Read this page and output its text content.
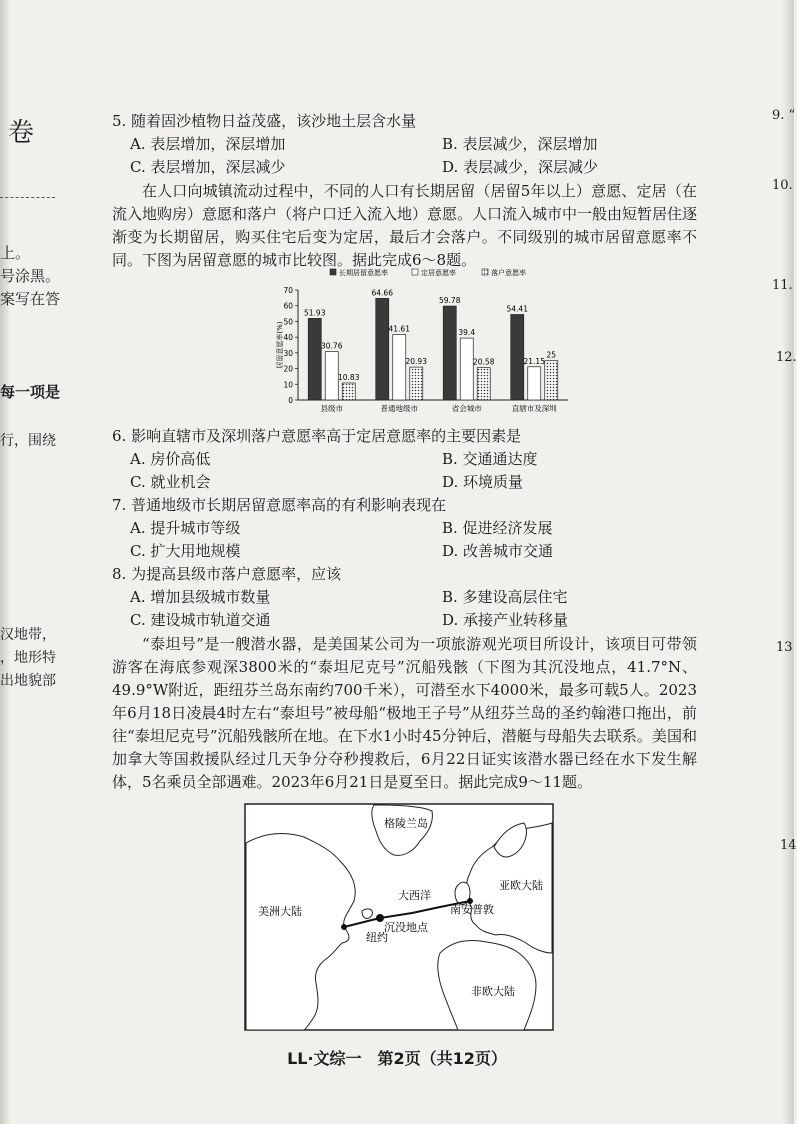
卷
上。
号涂黑。
案写在答
每一项是
行，围绕
汉地带，
，地形特
出地貌部
9. “
10.
11.
12.
13
14
5. 随着固沙植物日益茂盛，该沙地土层含水量
A. 表层增加，深层增加	B. 表层减少，深层增加
C. 表层增加，深层减少	D. 表层减少，深层减少

在人口向城镇流动过程中，不同的人口有长期居留（居留5年以上）意愿、定居（在流入地购房）意愿和落户（将户口迁入流入地）意愿。人口流入城市中一般由短暂居住逐渐变为长期留居，购买住宅后变为定居，最后才会落户。不同级别的城市居留意愿率不同。下图为居留意愿的城市比较图。据此完成6～8题。

长期居留意愿率	定居意愿率	落户意愿率
0
10
20
30
40
50
60
70
居留意愿率(%)
51.93
30.76
10.83
县级市
64.66
41.61
20.93
普通地级市
59.78
39.4
20.58
省会城市
54.41
21.15
25
直辖市及深圳
6. 影响直辖市及深圳落户意愿率高于定居意愿率的主要因素是
A. 房价高低	B. 交通通达度
C. 就业机会	D. 环境质量
7. 普通地级市长期居留意愿率高的有利影响表现在
A. 提升城市等级	B. 促进经济发展
C. 扩大用地规模	D. 改善城市交通
8. 为提高县级市落户意愿率，应该
A. 增加县级城市数量	B. 多建设高层住宅
C. 建设城市轨道交通	D. 承接产业转移量

“泰坦号”是一艘潜水器，是美国某公司为一项旅游观光项目所设计，该项目可带领游客在海底参观深3800米的“泰坦尼克号”沉船残骸（下图为其沉没地点，41.7°N、49.9°W附近，距纽芬兰岛东南约700千米），可潜至水下4000米，最多可载5人。2023年6月18日凌晨4时左右“泰坦号”被母船“极地王子号”从纽芬兰岛的圣约翰港口拖出，前往“泰坦尼克号”沉船残骸所在地。在下水1小时45分钟后，潜艇与母船失去联系。美国和加拿大等国救援队经过几天争分夺秒搜救后，6月22日证实该潜水器已经在水下发生解体，5名乘员全部遇难。2023年6月21日是夏至日。据此完成9～11题。

格陵兰岛
美洲大陆
大西洋
亚欧大陆
非欧大陆
纽约
沉没地点
南安普敦
LL·文综一　第2页（共12页）
